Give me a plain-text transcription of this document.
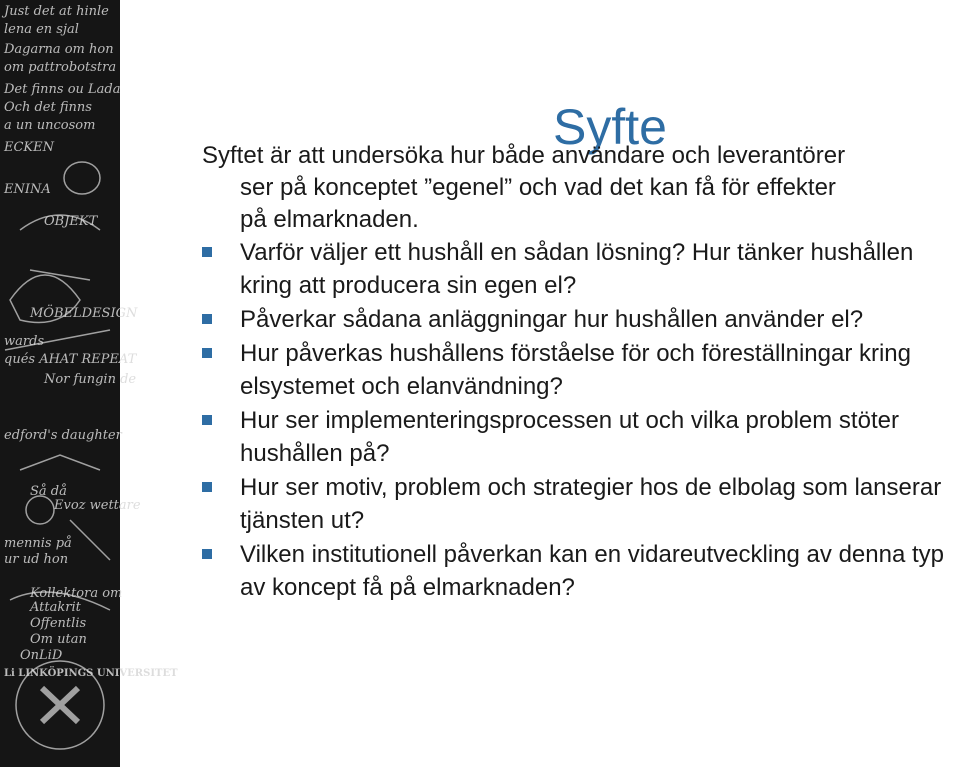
Just det at hinle
lena en sjal
Dagarna om hon
om pattrobotstra
Det finns ou Lada
Och det finns
a un uncosom
ECKEN
ENINA
OBJEKT
MÖBELDESIGN
wards
qués AHAT REPEAT
Nor fungin de
edford's daughter
Så då
Evoz wettare
mennis på
ur ud hon
Kollektora om
Attakrit
Offentlis
Om utan
OnLiD
Li LINKÖPINGS UNIVERSITET
Syfte
Syftet är att undersöka hur både användare och leverantörer
ser på konceptet ”egenel” och vad det kan få för effekter
på elmarknaden.
Varför väljer ett hushåll en sådan lösning? Hur tänker hushållen kring att producera sin egen el?
Påverkar sådana anläggningar hur hushållen använder el?
Hur påverkas hushållens förståelse för och föreställningar kring elsystemet och elanvändning?
Hur ser implementeringsprocessen ut och vilka problem stöter hushållen på?
Hur ser motiv, problem och strategier hos de elbolag som lanserar tjänsten ut?
Vilken institutionell påverkan kan en vidareutveckling av denna typ av koncept få på elmarknaden?
